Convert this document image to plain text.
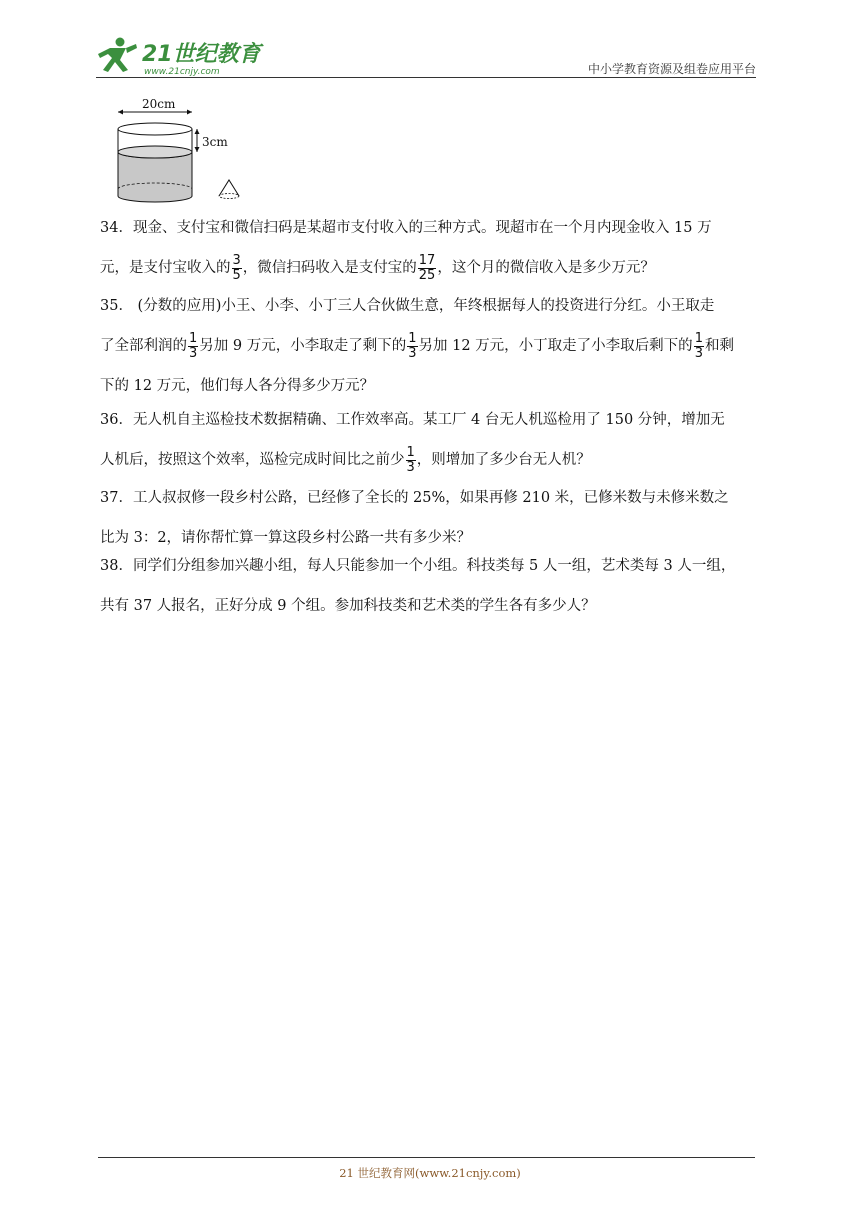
21世纪教育
www.21cnjy.com	中小学教育资源及组卷应用平台
20cm
3cm
34．现金、支付宝和微信扫码是某超市支付收入的三种方式。现超市在一个月内现金收入 15 万
元，是支付宝收入的 $\frac{3}{5}$ ，微信扫码收入是支付宝的 $\frac{17}{25}$ ，这个月的微信收入是多少万元？
35． (分数的应用)小王、小李、小丁三人合伙做生意，年终根据每人的投资进行分红。小王取走
了全部利润的 $\frac{1}{3}$ 另加 9 万元，小李取走了剩下的 $\frac{1}{3}$ 另加 12 万元，小丁取走了小李取后剩下的 $\frac{1}{3}$ 和剩
下的 12 万元，他们每人各分得多少万元？
36．无人机自主巡检技术数据精确、工作效率高。某工厂 4 台无人机巡检用了 150 分钟，增加无
人机后，按照这个效率，巡检完成时间比之前少 $\frac{1}{3}$ ，则增加了多少台无人机？
37．工人叔叔修一段乡村公路，已经修了全长的 25%，如果再修 210 米，已修米数与未修米数之
比为 3：2，请你帮忙算一算这段乡村公路一共有多少米？
38．同学们分组参加兴趣小组，每人只能参加一个小组。科技类每 5 人一组，艺术类每 3 人一组，
共有 37 人报名，正好分成 9 个组。参加科技类和艺术类的学生各有多少人？
21 世纪教育网(www.21cnjy.com)
